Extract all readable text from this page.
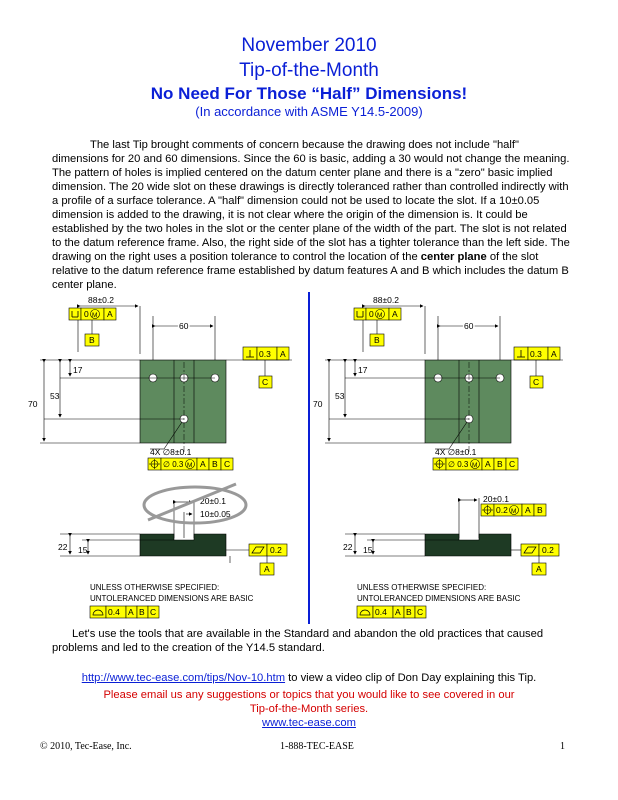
November 2010
Tip-of-the-Month
No Need For Those “Half” Dimensions!
(In accordance with ASME Y14.5-2009)

The last Tip brought comments of concern because the drawing does not include "half" dimensions for 20 and 60 dimensions. Since the 60 is basic, adding a 30 would not change the meaning. The pattern of holes is implied centered on the datum center plane and there is a "zero" basic implied dimension. The 20 wide slot on these drawings is directly toleranced rather than controlled indirectly with a profile of a surface tolerance. A "half" dimension could not be used to locate the slot. If a 10±0.05 dimension is added to the drawing, it is not clear where the origin of the dimension is. It could be established by the two holes in the slot or the center plane of the width of the part. The slot is not related to the datum reference frame. Also, the right side of the slot has a tighter tolerance than the left side. The drawing on the right uses a position tolerance to control the location of the center plane of the slot relative to the datum reference frame established by datum features A and B which includes the datum B center plane.

88±0.2
0 M A
B
60
0.3 A
C
17
53
70
4X ∅8±0.1
∅ 0.3 M A B C
20±0.1
10±0.05
22 15	0.2
A
UNLESS OTHERWISE SPECIFIED:
UNTOLERANCED DIMENSIONS ARE BASIC
0.4 A B C
88±0.2
0 M A
B
60
0.3 A
C
17
53
70
4X ∅8±0.1
∅ 0.3 M A B C
20±0.1
0.2 M A B
22 15	0.2
A
UNLESS OTHERWISE SPECIFIED:
UNTOLERANCED DIMENSIONS ARE BASIC
0.4 A B C

Let's use the tools that are available in the Standard and abandon the old practices that caused problems and led to the creation of the Y14.5 standard.

http://www.tec-ease.com/tips/Nov-10.htm to view a video clip of Don Day explaining this Tip.
Please email us any suggestions or topics that you would like to see covered in our
Tip-of-the-Month series.
www.tec-ease.com
© 2010, Tec-Ease, Inc.	1-888-TEC-EASE	1
